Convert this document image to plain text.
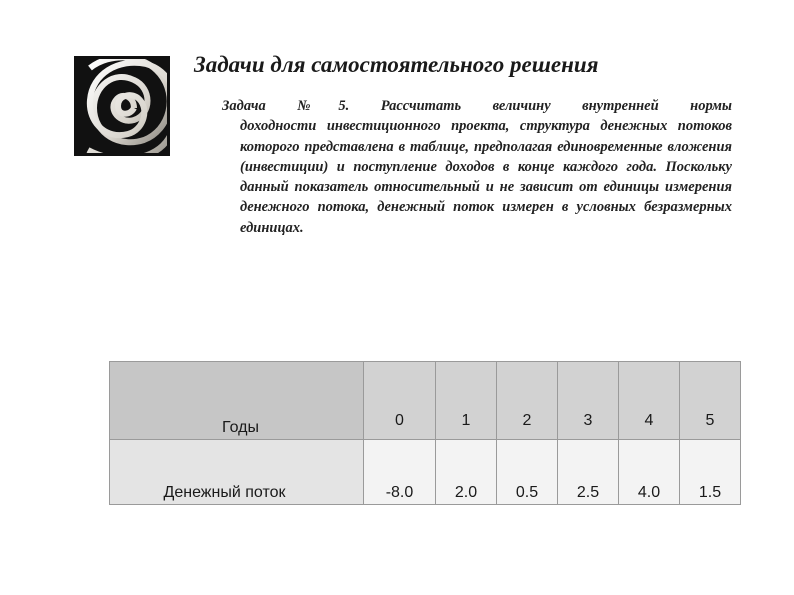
Задачи для самостоятельного решения

Задача №5. Рассчитать величину внутренней нормы
доходности инвестиционного проекта, структура денежных потоков которого представлена в таблице, предполагая единовременные вложения (инвестиции) и поступление доходов в конце каждого года. Поскольку данный показатель относительный и не зависит от единицы измерения денежного потока, денежный поток измерен в условных безразмерных единицах.

Годы	0	1	2	3	4	5
Денежный поток	-8.0	2.0	0.5	2.5	4.0	1.5
